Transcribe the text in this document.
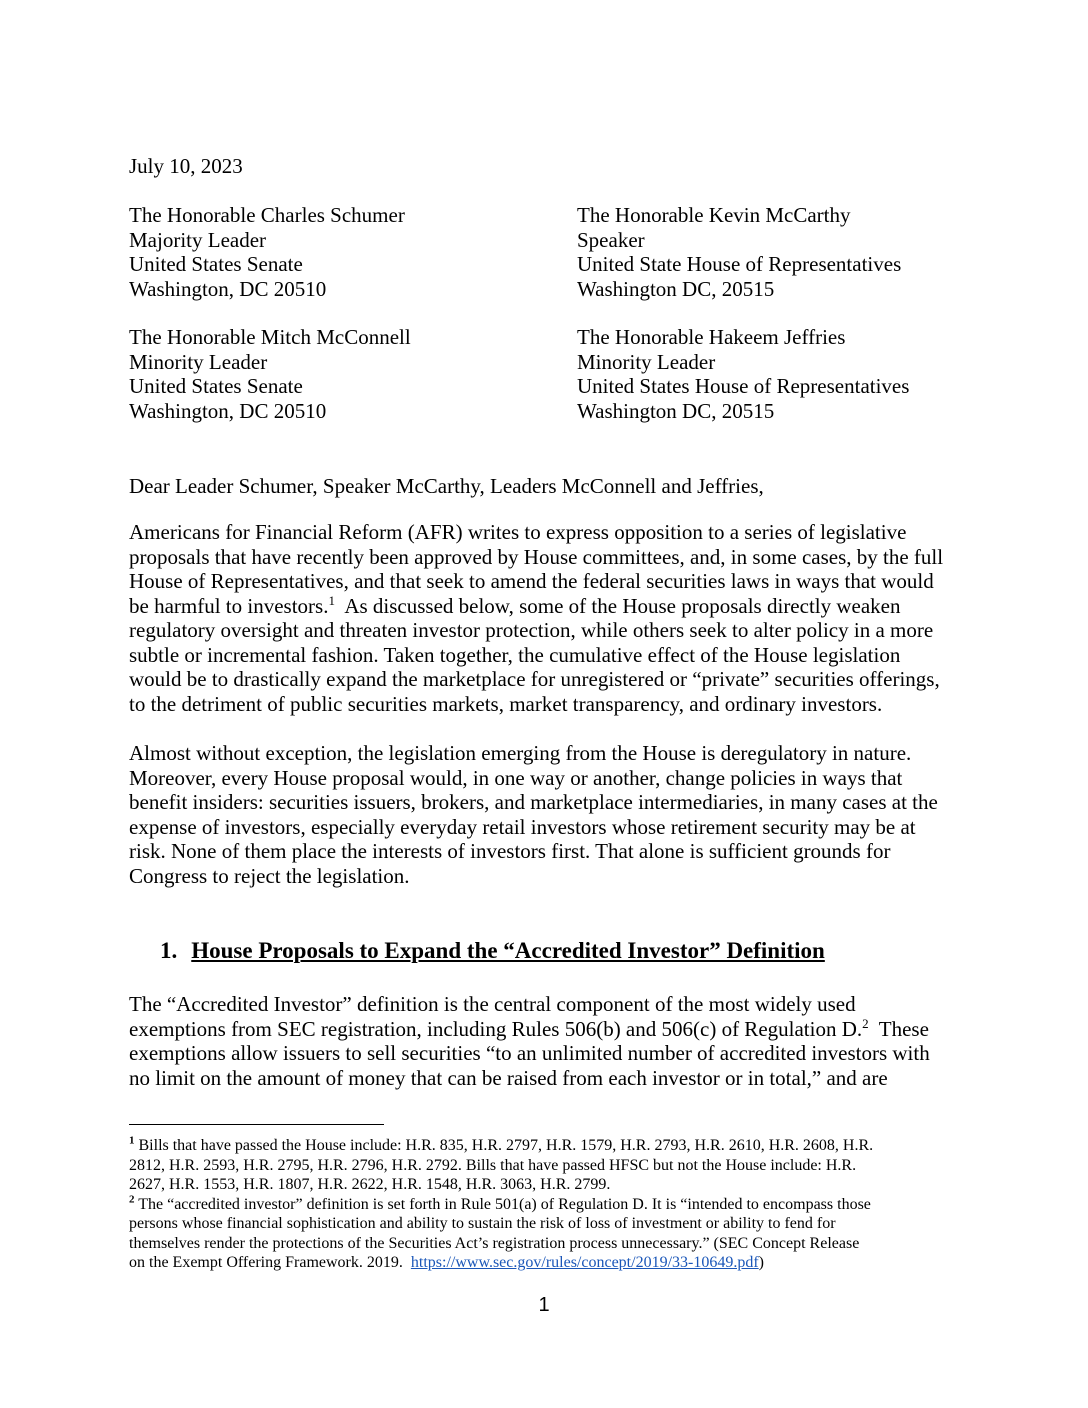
July 10, 2023
The Honorable Charles Schumer
Majority Leader
United States Senate
Washington, DC 20510
The Honorable Kevin McCarthy
Speaker
United State House of Representatives
Washington DC, 20515
The Honorable Mitch McConnell
Minority Leader
United States Senate
Washington, DC 20510
The Honorable Hakeem Jeffries
Minority Leader
United States House of Representatives
Washington DC, 20515
Dear Leader Schumer, Speaker McCarthy, Leaders McConnell and Jeffries,
Americans for Financial Reform (AFR) writes to express opposition to a series of legislative
proposals that have recently been approved by House committees, and, in some cases, by the full
House of Representatives, and that seek to amend the federal securities laws in ways that would
be harmful to investors.$^1$ As discussed below, some of the House proposals directly weaken
regulatory oversight and threaten investor protection, while others seek to alter policy in a more
subtle or incremental fashion. Taken together, the cumulative effect of the House legislation
would be to drastically expand the marketplace for unregistered or “private” securities offerings,
to the detriment of public securities markets, market transparency, and ordinary investors.
Almost without exception, the legislation emerging from the House is deregulatory in nature.
Moreover, every House proposal would, in one way or another, change policies in ways that
benefit insiders: securities issuers, brokers, and marketplace intermediaries, in many cases at the
expense of investors, especially everyday retail investors whose retirement security may be at
risk. None of them place the interests of investors first. That alone is sufficient grounds for
Congress to reject the legislation.
1. House Proposals to Expand the “Accredited Investor” Definition
The “Accredited Investor” definition is the central component of the most widely used
exemptions from SEC registration, including Rules 506(b) and 506(c) of Regulation D.$^2$ These
exemptions allow issuers to sell securities “to an unlimited number of accredited investors with
no limit on the amount of money that can be raised from each investor or in total,” and are
$^1$ Bills that have passed the House include: H.R. 835, H.R. 2797, H.R. 1579, H.R. 2793, H.R. 2610, H.R. 2608, H.R.
2812, H.R. 2593, H.R. 2795, H.R. 2796, H.R. 2792. Bills that have passed HFSC but not the House include: H.R.
2627, H.R. 1553, H.R. 1807, H.R. 2622, H.R. 1548, H.R. 3063, H.R. 2799.
$^2$ The “accredited investor” definition is set forth in Rule 501(a) of Regulation D. It is “intended to encompass those
persons whose financial sophistication and ability to sustain the risk of loss of investment or ability to fend for
themselves render the protections of the Securities Act’s registration process unnecessary.” (SEC Concept Release
on the Exempt Offering Framework. 2019. https://www.sec.gov/rules/concept/2019/33-10649.pdf)
1
